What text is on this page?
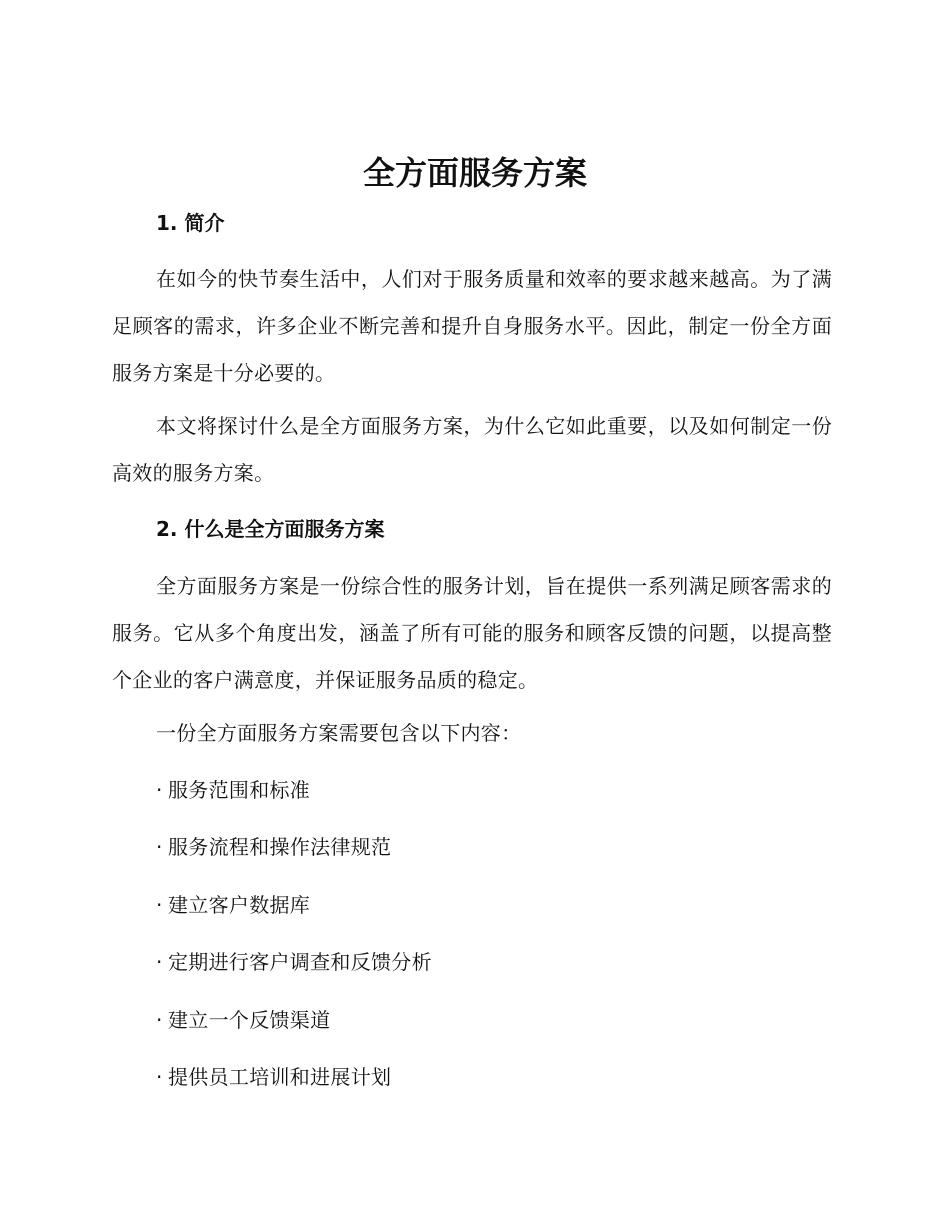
全方面服务方案
1. 简介

在如今的快节奏生活中，人们对于服务质量和效率的要求越来越高。为了满足顾客的需求，许多企业不断完善和提升自身服务水平。因此，制定一份全方面服务方案是十分必要的。

本文将探讨什么是全方面服务方案，为什么它如此重要，以及如何制定一份高效的服务方案。

2. 什么是全方面服务方案

全方面服务方案是一份综合性的服务计划，旨在提供一系列满足顾客需求的服务。它从多个角度出发，涵盖了所有可能的服务和顾客反馈的问题，以提高整个企业的客户满意度，并保证服务品质的稳定。

一份全方面服务方案需要包含以下内容：

· 服务范围和标准
· 服务流程和操作法律规范
· 建立客户数据库
· 定期进行客户调查和反馈分析
· 建立一个反馈渠道
· 提供员工培训和进展计划
